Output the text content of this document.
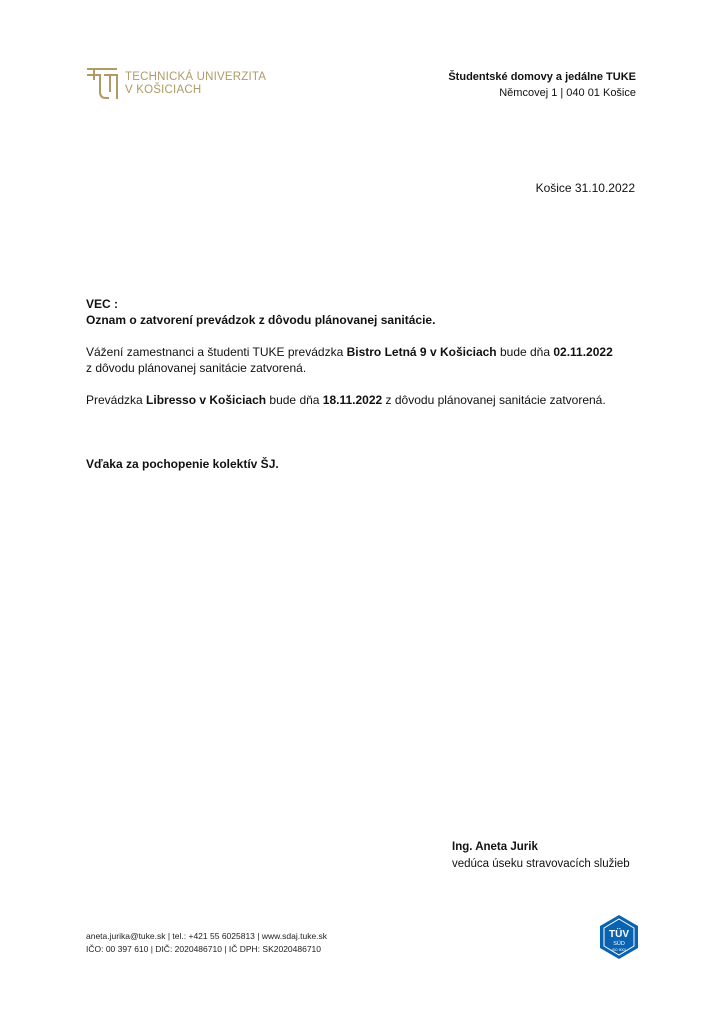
TECHNICKÁ UNIVERZITA
V KOŠICIACH
Študentské domovy a jedálne TUKE
Němcovej 1 | 040 01 Košice
Košice 31.10.2022

VEC :

Oznam o zatvorení prevádzok z dôvodu plánovanej sanitácie.

Vážení zamestnanci a študenti TUKE prevádzka Bistro Letná 9 v Košiciach bude dňa 02.11.2022
z dôvodu plánovanej sanitácie zatvorená.

Prevádzka Libresso v Košiciach bude dňa 18.11.2022 z dôvodu plánovanej sanitácie zatvorená.

Vďaka za pochopenie kolektív ŠJ.

Ing. Aneta Jurik
vedúca úseku stravovacích služieb
aneta.jurika@tuke.sk | tel.: +421 55 6025813 | www.sdaj.tuke.sk
IČO: 00 397 610 | DIČ: 2020486710 | IČ DPH: SK2020486710
TÜV
SÜD
ISO 9001
